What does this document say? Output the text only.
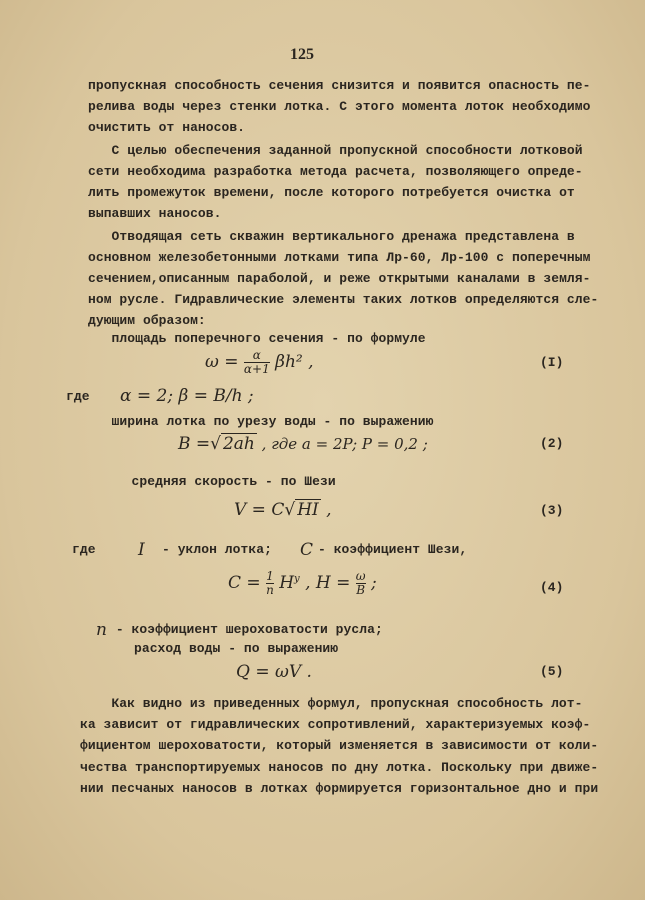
125
пропускная способность сечения снизится и появится опасность пе-
релива воды через стенки лотка. С этого момента лоток необходимо
очистить от наносов.
С целью обеспечения заданной пропускной способности лотковой
сети необходима разработка метода расчета, позволяющего опреде-
лить промежуток времени, после которого потребуется очистка от
выпавших наносов.
Отводящая сеть скважин вертикального дренажа представлена в
основном железобетонными лотками типа Лр-60, Лр-100 с поперечным
сечением,описанным параболой, и реже открытыми каналами в земля-
ном русле. Гидравлические элементы таких лотков определяются сле-
дующим образом:
площадь поперечного сечения - по формуле
$\omega = \frac{\alpha}{\alpha+1} \beta h^2$ ,	(I)
где α = 2; β = B/h ;
ширина лотка по урезу воды - по выражению
B =√ 2ah , где a = 2P; P = 0,2 ;	(2)
средняя скорость - по Шези
V = C√ HI ,	(3)
где I - уклон лотка; C - коэффициент Шези,
$C = \frac{1}{n} H^y$ , $H = \frac{\omega}{B}$ ;	(4)
n - коэффициент шероховатости русла;
расход воды - по выражению
Q = ωV .	(5)
Как видно из приведенных формул, пропускная способность лот-
ка зависит от гидравлических сопротивлений, характеризуемых коэф-
фициентом шероховатости, который изменяется в зависимости от коли-
чества транспортируемых наносов по дну лотка. Поскольку при движе-
нии песчаных наносов в лотках формируется горизонтальное дно и при
